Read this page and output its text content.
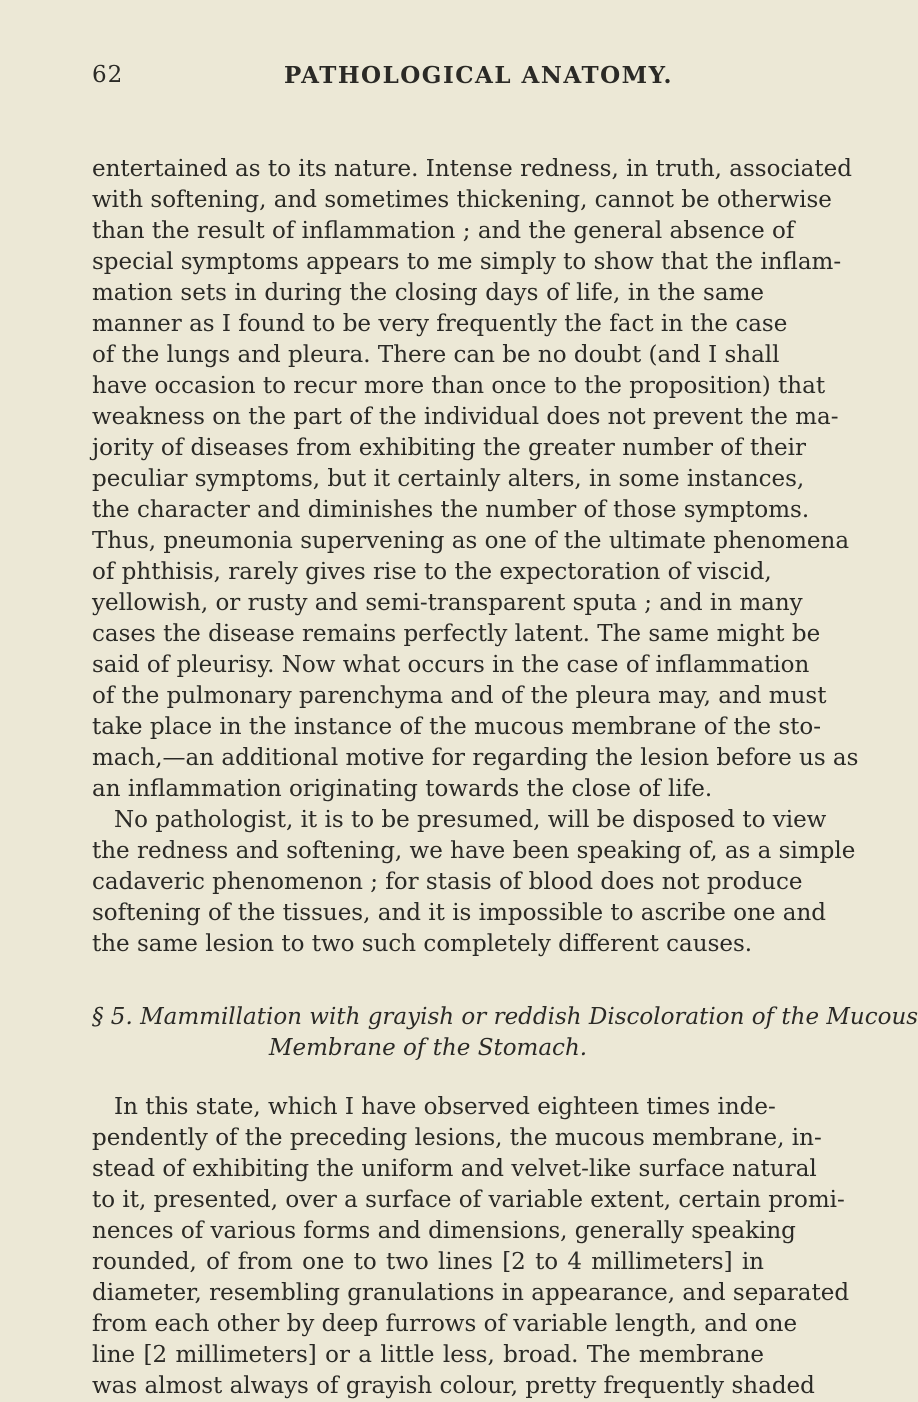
62	PATHOLOGICAL ANATOMY.
entertained as to its nature. Intense redness, in truth, associated
with softening, and sometimes thickening, cannot be otherwise
than the result of inflammation ; and the general absence of
special symptoms appears to me simply to show that the inflam-
mation sets in during the closing days of life, in the same
manner as I found to be very frequently the fact in the case
of the lungs and pleura. There can be no doubt (and I shall
have occasion to recur more than once to the proposition) that
weakness on the part of the individual does not prevent the ma-
jority of diseases from exhibiting the greater number of their
peculiar symptoms, but it certainly alters, in some instances,
the character and diminishes the number of those symptoms.
Thus, pneumonia supervening as one of the ultimate phenomena
of phthisis, rarely gives rise to the expectoration of viscid,
yellowish, or rusty and semi-transparent sputa ; and in many
cases the disease remains perfectly latent. The same might be
said of pleurisy. Now what occurs in the case of inflammation
of the pulmonary parenchyma and of the pleura may, and must
take place in the instance of the mucous membrane of the sto-
mach,—an additional motive for regarding the lesion before us as
an inflammation originating towards the close of life.
No pathologist, it is to be presumed, will be disposed to view
the redness and softening, we have been speaking of, as a simple
cadaveric phenomenon ; for stasis of blood does not produce
softening of the tissues, and it is impossible to ascribe one and
the same lesion to two such completely different causes.
§ 5. Mammillation with grayish or reddish Discoloration of the Mucous
Membrane of the Stomach.
In this state, which I have observed eighteen times inde-
pendently of the preceding lesions, the mucous membrane, in-
stead of exhibiting the uniform and velvet-like surface natural
to it, presented, over a surface of variable extent, certain promi-
nences of various forms and dimensions, generally speaking
rounded, of from one to two lines [2 to 4 millimeters] in
diameter, resembling granulations in appearance, and separated
from each other by deep furrows of variable length, and one
line [2 millimeters] or a little less, broad. The membrane
was almost always of grayish colour, pretty frequently shaded
